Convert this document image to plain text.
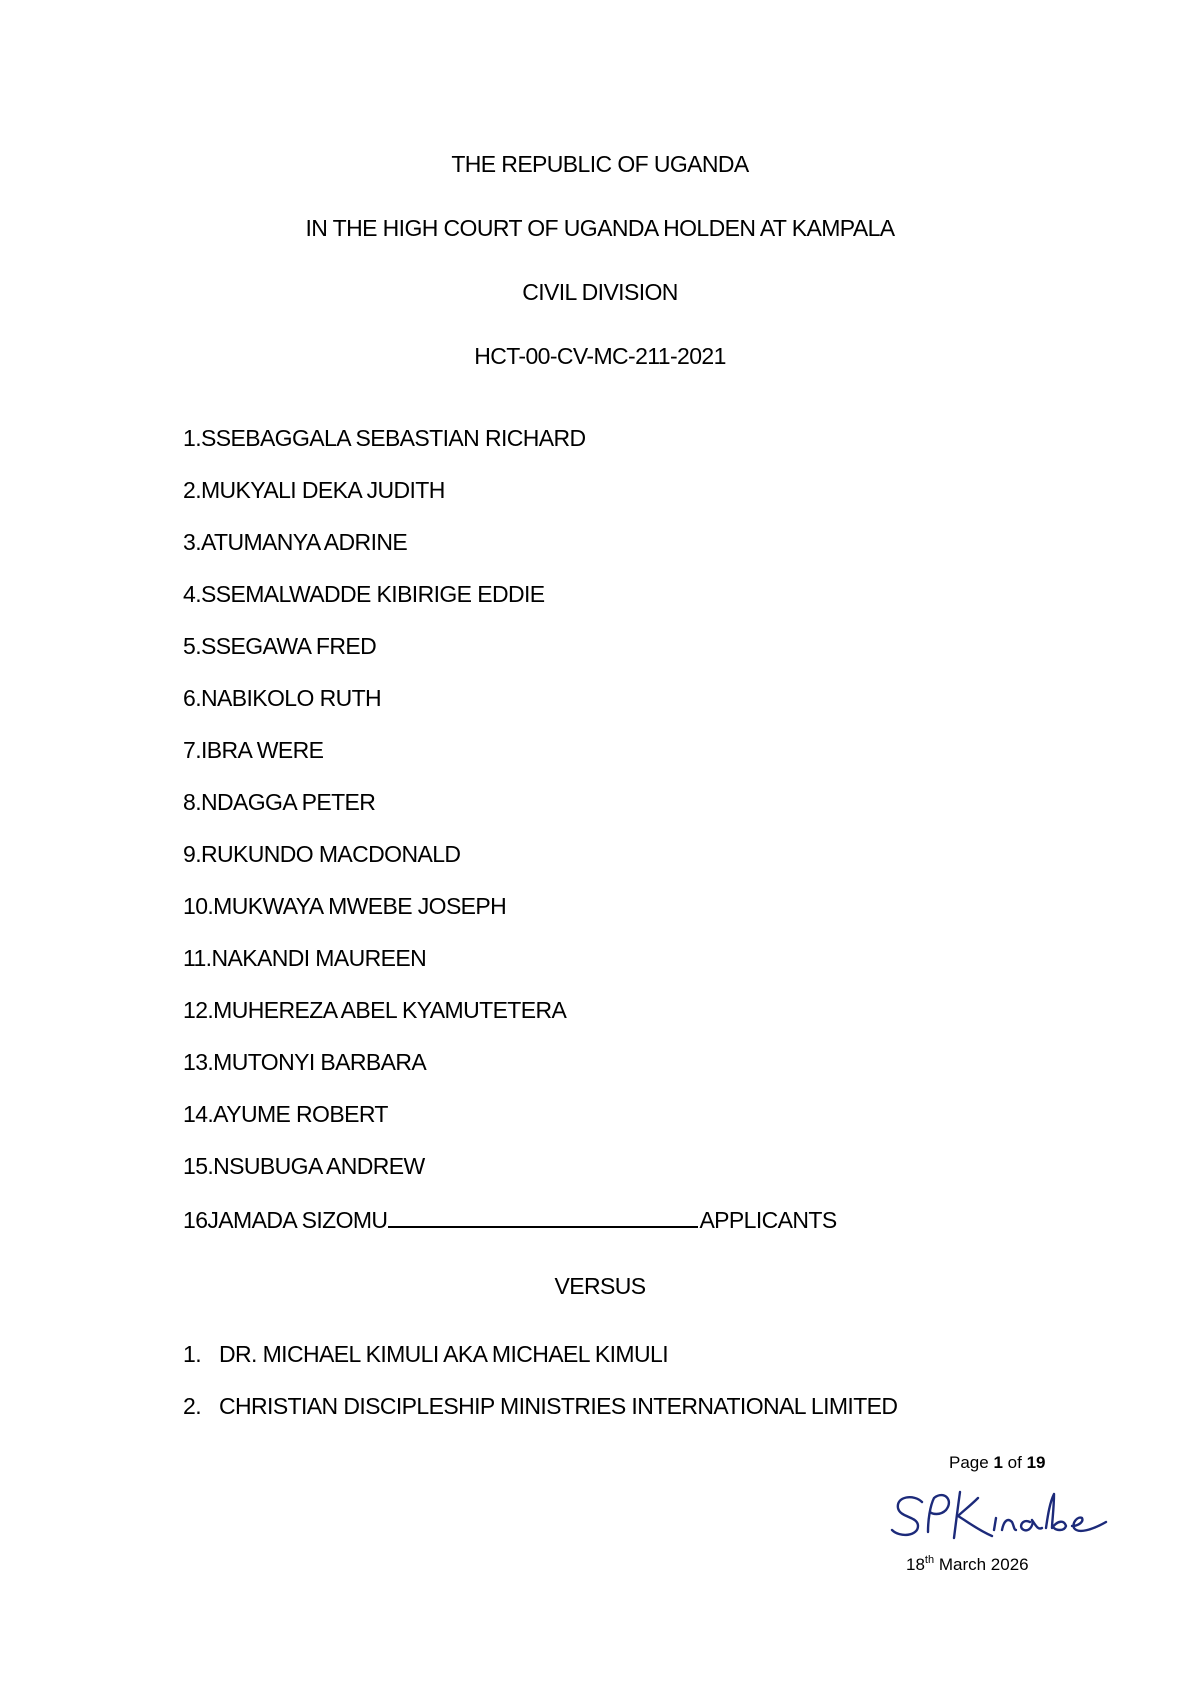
THE REPUBLIC OF UGANDA
IN THE HIGH COURT OF UGANDA HOLDEN AT KAMPALA
CIVIL DIVISION
HCT-00-CV-MC-211-2021
1.SSEBAGGALA SEBASTIAN RICHARD
2.MUKYALI DEKA JUDITH
3.ATUMANYA ADRINE
4.SSEMALWADDE KIBIRIGE EDDIE
5.SSEGAWA FRED
6.NABIKOLO RUTH
7.IBRA WERE
8.NDAGGA PETER
9.RUKUNDO MACDONALD
10.MUKWAYA MWEBE JOSEPH
11.NAKANDI MAUREEN
12.MUHEREZA ABEL KYAMUTETERA
13.MUTONYI BARBARA
14.AYUME ROBERT
15.NSUBUGA ANDREW
16JAMADA SIZOMU	APPLICANTS
VERSUS
1. DR. MICHAEL KIMULI AKA MICHAEL KIMULI
2. CHRISTIAN DISCIPLESHIP MINISTRIES INTERNATIONAL LIMITED
Page 1 of 19
18th March 2026
